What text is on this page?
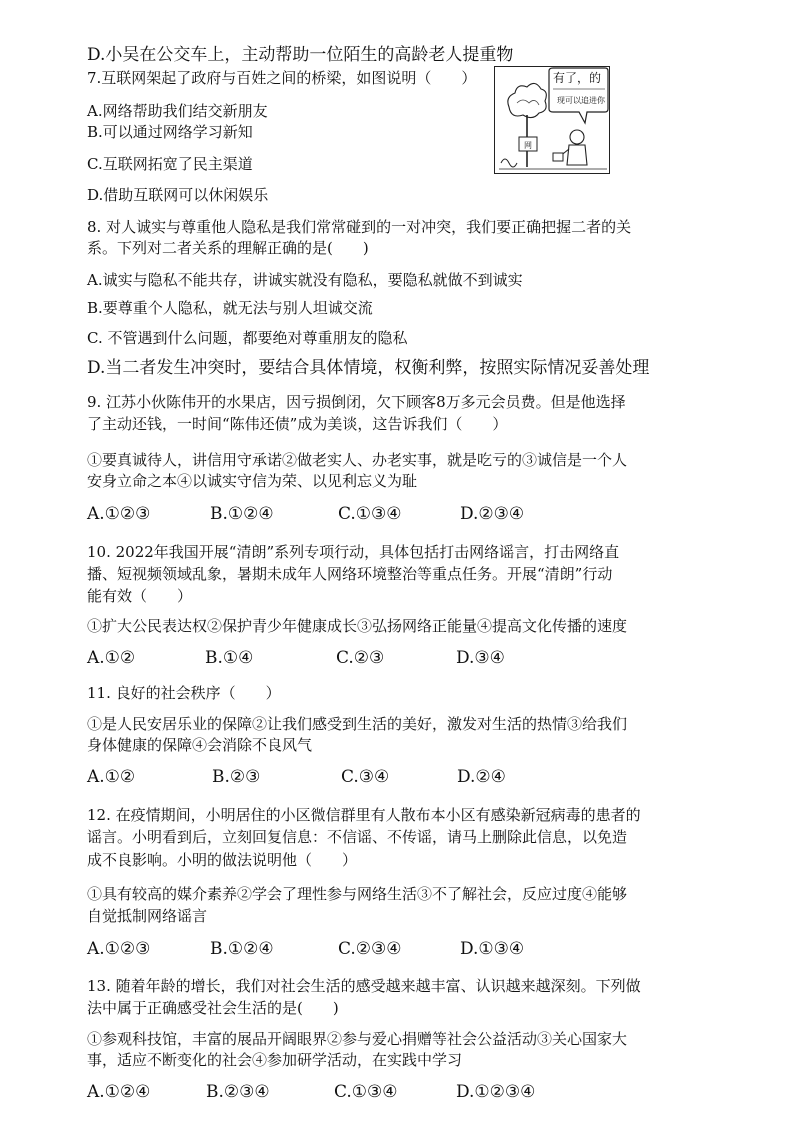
D.小吴在公交车上，主动帮助一位陌生的高龄老人提重物
7.互联网架起了政府与百姓之间的桥梁，如图说明（　　）
A.网络帮助我们结交新朋友
B.可以通过网络学习新知
C.互联网拓宽了民主渠道
D.借助互联网可以休闲娱乐
网
有了，的
现可以追进你
8. 对人诚实与尊重他人隐私是我们常常碰到的一对冲突，我们要正确把握二者的关
系。下列对二者关系的理解正确的是(　　)
A.诚实与隐私不能共存，讲诚实就没有隐私，要隐私就做不到诚实
B.要尊重个人隐私，就无法与别人坦诚交流
C. 不管遇到什么问题，都要绝对尊重朋友的隐私
D.当二者发生冲突时，要结合具体情境，权衡利弊，按照实际情况妥善处理
9. 江苏小伙陈伟开的水果店，因亏损倒闭，欠下顾客8万多元会员费。但是他选择
了主动还钱，一时间“陈伟还债”成为美谈，这告诉我们（　　）
①要真诚待人，讲信用守承诺②做老实人、办老实事，就是吃亏的③诚信是一个人
安身立命之本④以诚实守信为荣、以见利忘义为耻
A.①②③	B.①②④	C.①③④	D.②③④
10. 2022年我国开展“清朗”系列专项行动，具体包括打击网络谣言，打击网络直
播、短视频领域乱象，暑期未成年人网络环境整治等重点任务。开展“清朗”行动
能有效（　　）
①扩大公民表达权②保护青少年健康成长③弘扬网络正能量④提高文化传播的速度
A.①②	B.①④	C.②③	D.③④
11. 良好的社会秩序（　　）
①是人民安居乐业的保障②让我们感受到生活的美好，激发对生活的热情③给我们
身体健康的保障④会消除不良风气
A.①②	B.②③	C.③④	D.②④
12. 在疫情期间，小明居住的小区微信群里有人散布本小区有感染新冠病毒的患者的
谣言。小明看到后，立刻回复信息：不信谣、不传谣，请马上删除此信息，以免造
成不良影响。小明的做法说明他（　　）
①具有较高的媒介素养②学会了理性参与网络生活③不了解社会，反应过度④能够
自觉抵制网络谣言
A.①②③	B.①②④	C.②③④	D.①③④
13. 随着年龄的增长，我们对社会生活的感受越来越丰富、认识越来越深刻。下列做
法中属于正确感受社会生活的是(　　)
①参观科技馆，丰富的展品开阔眼界②参与爱心捐赠等社会公益活动③关心国家大
事，适应不断变化的社会④参加研学活动，在实践中学习
A.①②④	B.②③④	C.①③④	D.①②③④
